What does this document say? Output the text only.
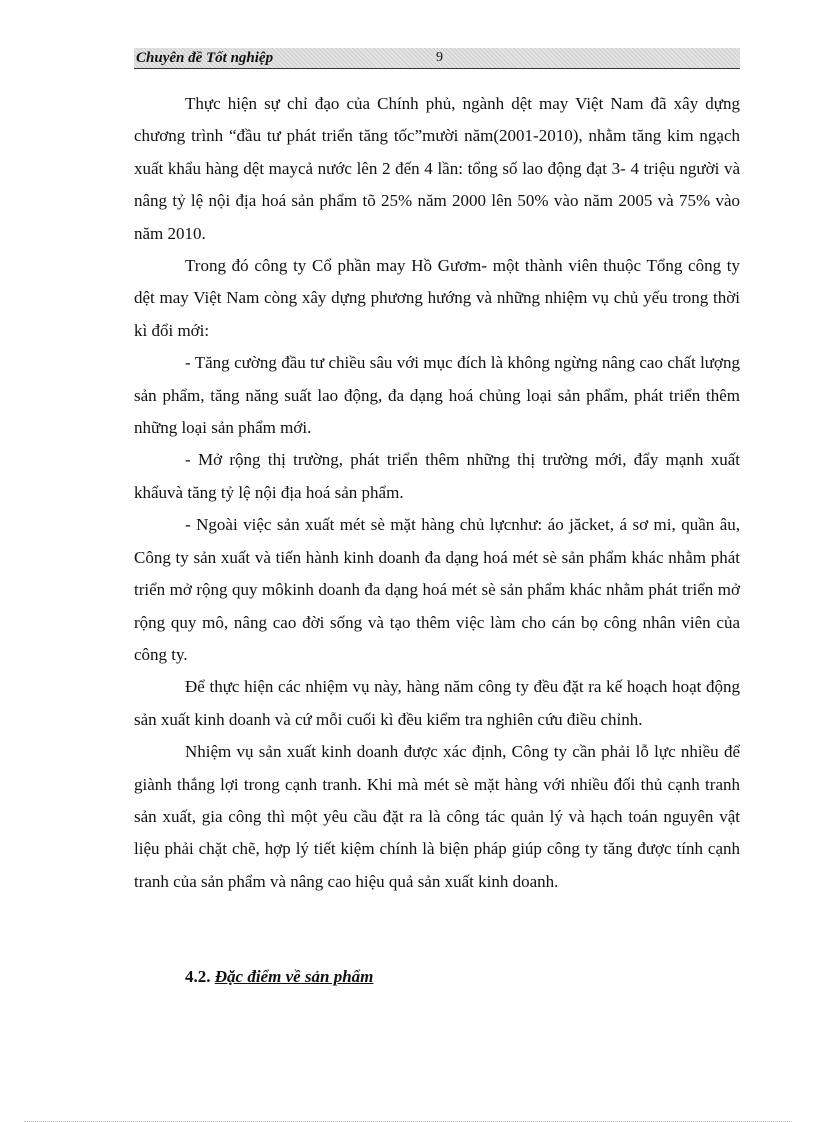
Chuyên đề Tốt nghiệp	9

Thực hiện sự chỉ đạo của Chính phủ, ngành dệt may Việt Nam đã xây dựng chương trình “đầu tư phát triển tăng tốc”mười năm(2001-2010), nhằm tăng kim ngạch xuất khẩu hàng dệt maycả nước lên 2 đến 4 lần: tổng số lao động đạt 3- 4 triệu người và nâng tỷ lệ nội địa hoá sản phẩm tõ 25% năm 2000 lên 50% vào năm 2005 và 75% vào năm 2010.

Trong đó công ty Cổ phần may Hồ Gươm- một thành viên thuộc Tổng công ty dệt may Việt Nam còng xây dựng phương hướng và những nhiệm vụ chủ yếu trong thời kì đổi mới:

- Tăng cường đầu tư chiều sâu với mục đích là không ngừng nâng cao chất lượng sản phẩm, tăng năng suất lao động, đa dạng hoá chủng loại sản phẩm, phát triển thêm những loại sản phẩm mới.

- Mở rộng thị trường, phát triển thêm những thị trường mới, đẩy mạnh xuất khẩuvà tăng tỷ lệ nội địa hoá sản phẩm.

- Ngoài việc sản xuất mét sè mặt hàng chủ lựcnhư: áo jăcket, á sơ mi, quần âu, Công ty sản xuất và tiến hành kinh doanh đa dạng hoá mét sè sản phẩm khác nhằm phát triển mở rộng quy môkinh doanh đa dạng hoá mét sè sản phẩm khác nhằm phát triển mở rộng quy mô, nâng cao đời sống và tạo thêm việc làm cho cán bọ công nhân viên của công ty.

Để thực hiện các nhiệm vụ này, hàng năm công ty đều đặt ra kế hoạch hoạt động sản xuất kinh doanh và cứ mỗi cuối kì đều kiểm tra nghiên cứu điều chỉnh.

Nhiệm vụ sản xuất kinh doanh được xác định, Công ty cần phải lỗ lực nhiều để giành thắng lợi trong cạnh tranh. Khi mà mét sè mặt hàng với nhiều đối thủ cạnh tranh sản xuất, gia công thì một yêu cầu đặt ra là công tác quản lý và hạch toán nguyên vật liệu phải chặt chẽ, hợp lý tiết kiệm chính là biện pháp giúp công ty tăng được tính cạnh tranh của sản phẩm và nâng cao hiệu quả sản xuất kinh doanh.

4.2. Đặc điểm về sản phẩm
